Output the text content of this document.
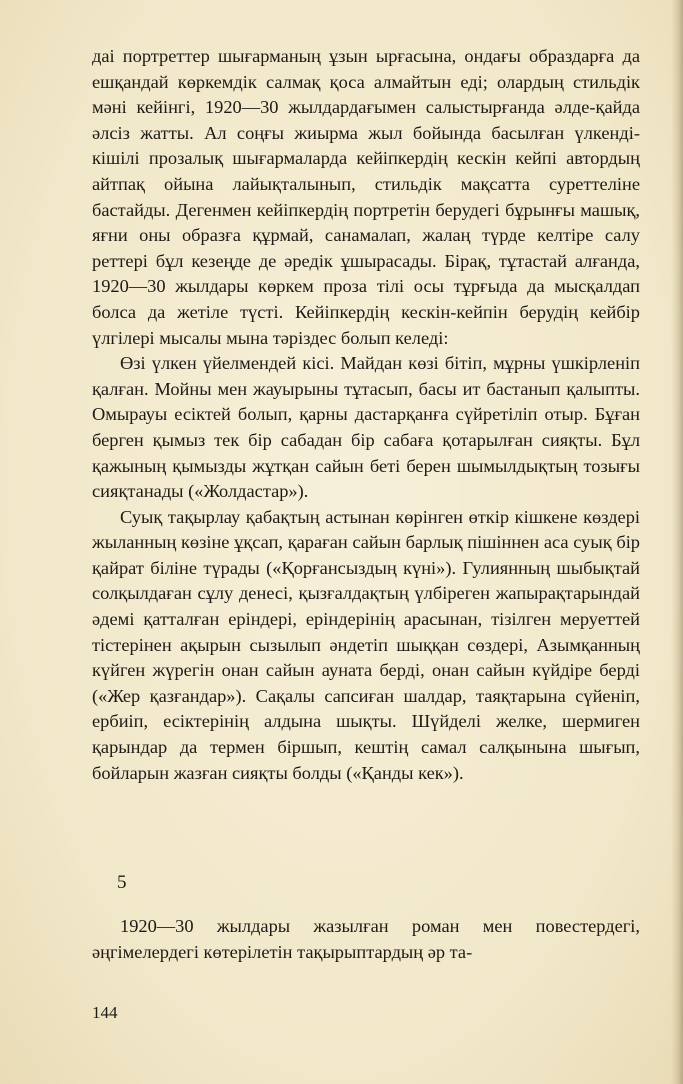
даі портреттер шығарманың ұзын ырғасына, ондағы образдарға да ешқандай көркемдік салмақ қоса алмайтын еді; олардың стильдік мәні кейінгі, 1920—30 жылдардағымен салыстырғанда әлде-қайда әлсіз жатты. Ал соңғы жиырма жыл бойында басылған үлкенді-кішілі прозалық шығармаларда кейіпкердің кескін кейпі автордың айтпақ ойына лайықталынып, стильдік мақсатта суреттеліне бастайды. Дегенмен кейіпкердің портретін берудегі бұрынғы машық, яғни оны образға құрмай, санамалап, жалаң түрде келтіре салу реттері бұл кезеңде де әредік ұшырасады. Бірақ, тұтастай алғанда, 1920—30 жылдары көркем проза тілі осы тұрғыда да мысқалдап болса да жетіле түсті. Кейіпкердің кескін-кейпін берудің кейбір үлгілері мысалы мына тәріздес болып келеді:

Өзі үлкен үйелмендей кісі. Майдан көзі бітіп, мұрны үшкірленіп қалған. Мойны мен жауырыны тұтасып, басы ит бастанып қалыпты. Омырауы есіктей болып, қарны дастарқанға сүйретіліп отыр. Бұған берген қымыз тек бір сабадан бір сабаға қотарылған сияқты. Бұл қажының қымызды жұтқан сайын беті берен шымылдықтың тозығы сияқтанады («Жолдастар»).

Суық тақырлау қабақтың астынан көрінген өткір кішкене көздері жыланның көзіне ұқсап, қараған сайын барлық пішіннен аса суық бір қайрат біліне түрады («Қорғансыздың күні»). Гулиянның шыбықтай солқылдаған сұлу денесі, қызғалдақтың үлбіреген жапырақтарындай әдемі қатталған еріндері, еріндерінің арасынан, тізілген меруеттей тістерінен ақырын сызылып әндетіп шыққан сөздері, Азымқанның күйген жүрегін онан сайын ауната берді, онан сайын күйдіре берді («Жер қазғандар»). Сақалы сапсиған шалдар, таяқтарына сүйеніп, ербиіп, есіктерінің алдына шықты. Шүйделі желке, шермиген қарындар да термен біршып, кештің самал салқынына шығып, бойларын жазған сияқты болды («Қанды кек»).

5
1920—30 жылдары жазылған роман мен повестердегі, әңгімелердегі көтерілетін тақырыптардың әр та-
144
